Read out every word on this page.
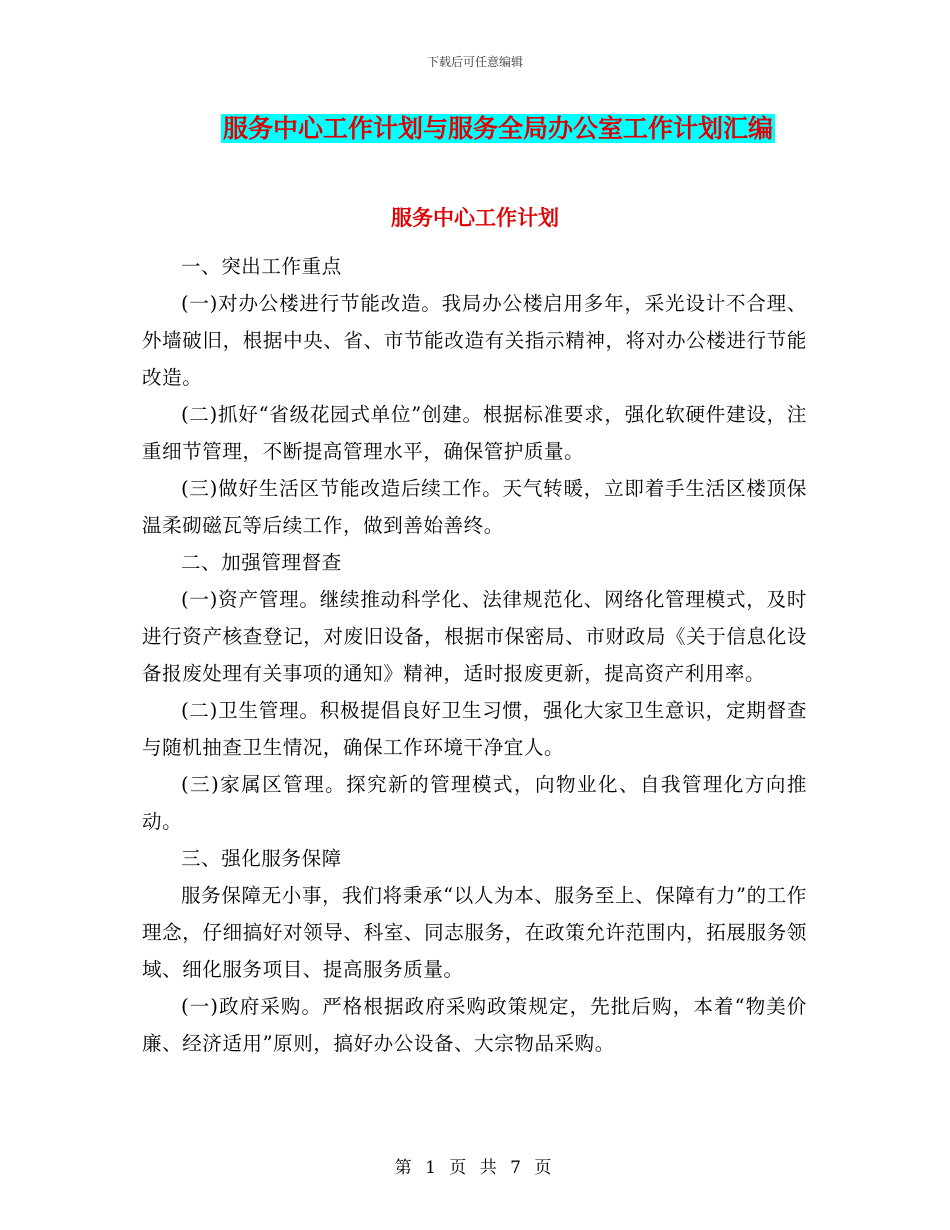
下载后可任意编辑
服务中心工作计划与服务全局办公室工作计划汇编
服务中心工作计划

一、突出工作重点

(一)对办公楼进行节能改造。我局办公楼启用多年，采光设计不合理、外墙破旧，根据中央、省、市节能改造有关指示精神，将对办公楼进行节能改造。

(二)抓好“省级花园式单位”创建。根据标准要求，强化软硬件建设，注重细节管理，不断提高管理水平，确保管护质量。

(三)做好生活区节能改造后续工作。天气转暖，立即着手生活区楼顶保温柔砌磁瓦等后续工作，做到善始善终。

二、加强管理督查

(一)资产管理。继续推动科学化、法律规范化、网络化管理模式，及时进行资产核查登记，对废旧设备，根据市保密局、市财政局《关于信息化设备报废处理有关事项的通知》精神，适时报废更新，提高资产利用率。

(二)卫生管理。积极提倡良好卫生习惯，强化大家卫生意识，定期督查与随机抽查卫生情况，确保工作环境干净宜人。

(三)家属区管理。探究新的管理模式，向物业化、自我管理化方向推动。

三、强化服务保障

服务保障无小事，我们将秉承“以人为本、服务至上、保障有力”的工作理念，仔细搞好对领导、科室、同志服务，在政策允许范围内，拓展服务领域、细化服务项目、提高服务质量。

(一)政府采购。严格根据政府采购政策规定，先批后购，本着“物美价廉、经济适用”原则，搞好办公设备、大宗物品采购。

第 1 页 共 7 页
